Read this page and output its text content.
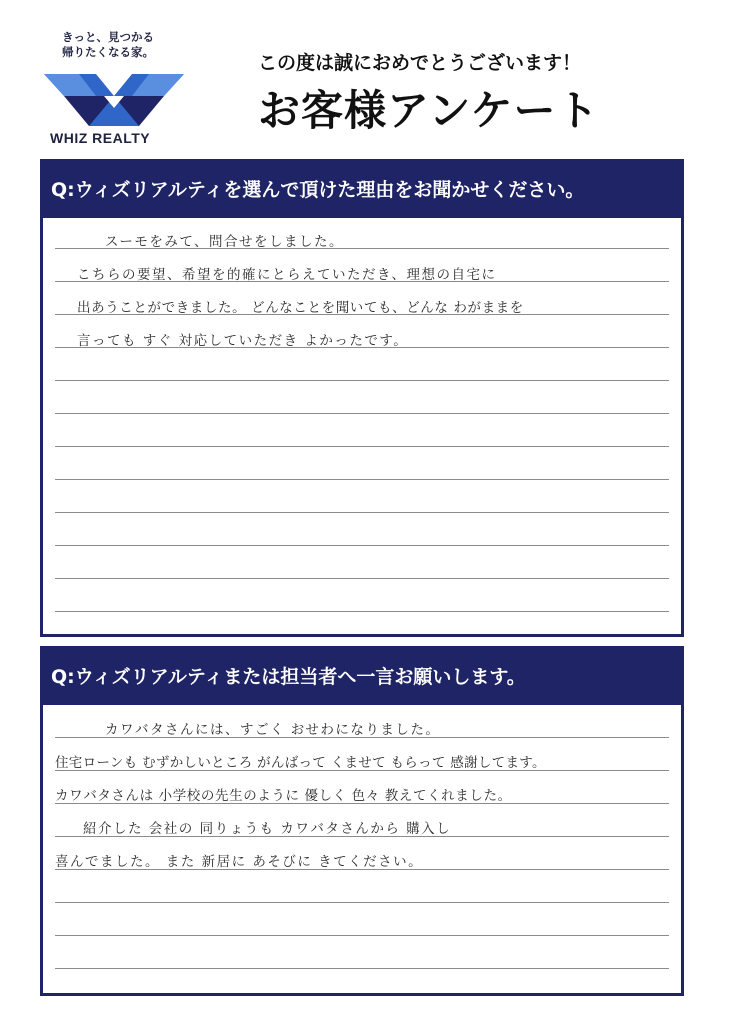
きっと、見つかる
帰りたくなる家。
WHIZ REALTY
この度は誠におめでとうございます！
お客様アンケート
Q:ウィズリアルティを選んで頂けた理由をお聞かせください。
スーモをみて、問合せをしました。
こちらの要望、希望を的確にとらえていただき、理想の自宅に
出あうことができました。 どんなことを聞いても、どんな わがままを
言っても すぐ 対応していただき よかったです。
Q:ウィズリアルティまたは担当者へ一言お願いします。
カワバタさんには、すごく おせわになりました。
住宅ローンも むずかしいところ がんばって くませて もらって 感謝してます。
カワバタさんは 小学校の先生のように 優しく 色々 教えてくれました。
紹介した 会社の 同りょうも カワバタさんから 購入し
喜んでました。 また 新居に あそびに きてください。
